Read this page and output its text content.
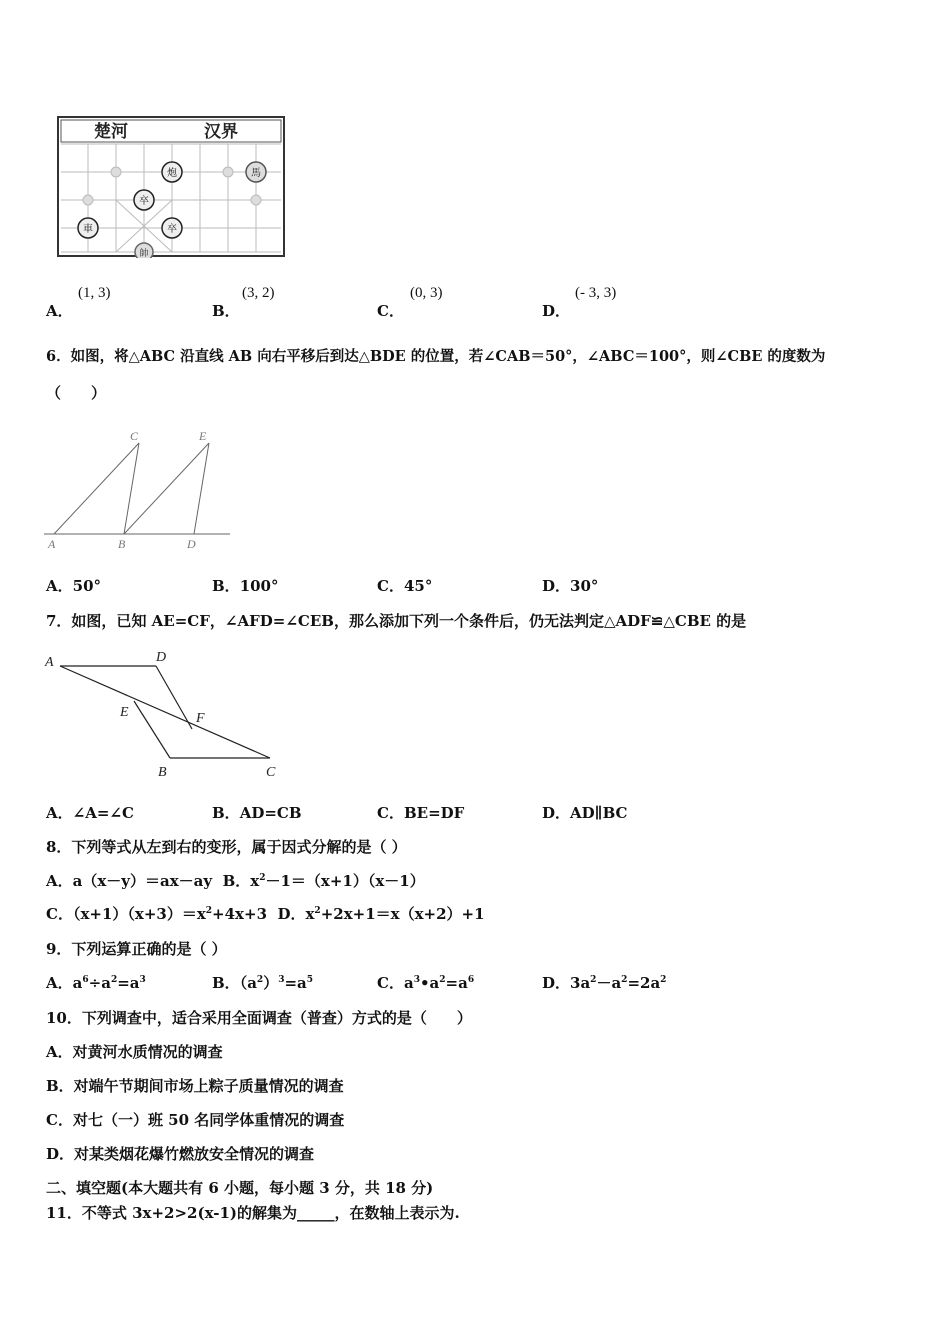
楚河	汉界
炮	馬
卒
車	卒
帥
A．
(1, 3)
B．
(3, 2)
C．
(0, 3)
D．
(- 3, 3)
6．如图，将△ABC 沿直线 AB 向右平移后到达△BDE 的位置，若∠CAB＝50°，∠ABC＝100°，则∠CBE 的度数为
（　　）
A	B	D
C	E
A．50°	B．100°	C．45°	D．30°
7．如图，已知 AE=CF，∠AFD=∠CEB，那么添加下列一个条件后，仍无法判定△ADF≌△CBE 的是
A	D
E	F
B	C
A．∠A=∠C	B．AD=CB	C．BE=DF	D．AD∥BC
8．下列等式从左到右的变形，属于因式分解的是（ ）
A．a（x－y）＝ax－ay B．$x^2-1=(x+1)(x-1)$
C．$(x+1)(x+3)=x^2+4x+3$ D．$x^2+2x+1=x(x+2)+1$
9．下列运算正确的是（ ）
A．$a^6\div a^2=a^3$	B．$(a^2)^3=a^5$	C．$a^3•a^2=a^6$	D．$3a^2-a^2=2a^2$
10．下列调查中，适合采用全面调查（普查）方式的是（　　）
A．对黄河水质情况的调查
B．对端午节期间市场上粽子质量情况的调查
C．对七（一）班 50 名同学体重情况的调查
D．对某类烟花爆竹燃放安全情况的调查
二、填空题(本大题共有 6 小题，每小题 3 分，共 18 分)
11．不等式 3x+2>2(x-1)的解集为_____，在数轴上表示为.
